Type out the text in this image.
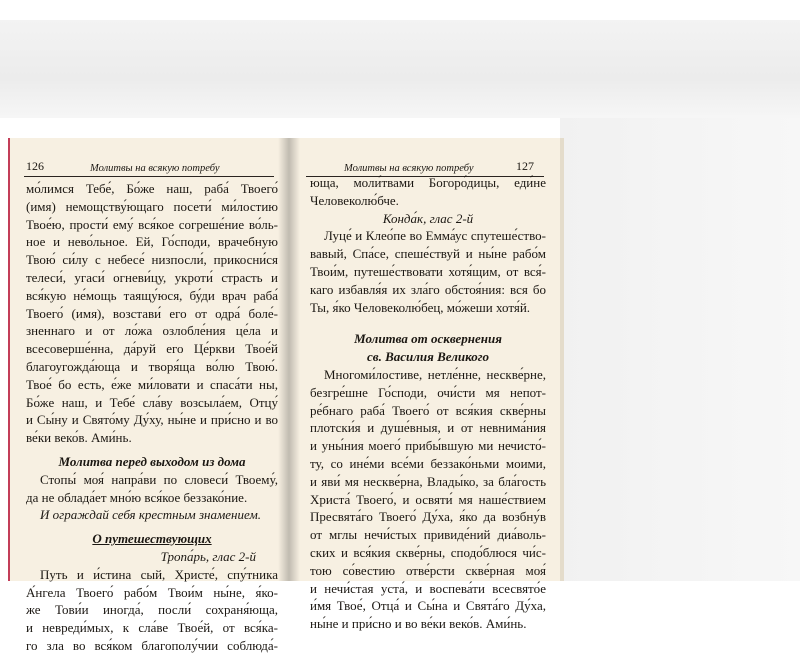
126	Молитвы на всякую потребу
мо́лимся Тебе́, Бо́же наш, раба́ Твоего́
(имя) немощству́ющаго посети́ ми́лостию
Твое́ю, прости́ ему́ вся́кое согреше́ние во́ль-
ное и нево́льное. Ей, Го́споди, врачебную
Твою́ си́лу с небесе́ низпосли́, прикосни́ся
телеси́, угаси́ огневи́цу, укроти́ страсть и
вся́кую не́мощь таящу́юся, бу́ди врач раба́
Твоего́ (имя), возстави́ его от одра́ боле́-
зненнаго и от ло́жа озлобле́ния це́ла и
всесоверше́нна, да́руй его Це́ркви Твое́й
благоугожда́юща и творя́ща во́лю Твою́.
Твое́ бо есть, е́же ми́ловати и спаса́ти ны,
Бо́же наш, и Тебе́ сла́ву возсыла́ем, Отцу́
и Сы́ну и Свято́му Ду́ху, ны́не и при́сно и во
ве́ки веко́в. Ами́нь.
Молитва перед выходом из дома
Стопы́ моя́ напра́ви по словеси́ Твоему́,
да не облада́ет мно́ю вся́кое беззако́ние.
И ограждай себя крестным знамением.
О путешествующих
Тропа́рь, глас 2-й
Путь и и́стина сый, Христе́, спу́тника
А́нгела Твоего́ рабо́м Твои́м ны́не, я́ко-
же Тови́и иногда́, посли́ сохраня́юща,
и невреди́мых, к сла́ве Твое́й, от вся́ка-
го зла во вся́ком благополу́чии соблюда́-
Молитвы на всякую потребу	127
юща, моли́твами Богоро́дицы, еди́не
Человеколю́бче.
Конда́к, глас 2-й
Луце́ и Клео́пе во Емма́ус спутеше́ство-
вавый, Спа́се, спеше́ствуй и ны́не рабо́м
Твои́м, путеше́ствовати хотя́щим, от вся́-
каго избавля́я их зла́го обстоя́ния: вся бо
Ты, я́ко Человеколю́бец, мо́жеши хотя́й.
Молитва от осквернения
св. Василия Великого
Многоми́лостиве, нетле́нне, нескве́рне,
безгре́шне Го́споди, очи́сти мя непот-
ре́бнаго раба́ Твоего́ от вся́кия скве́рны
плотски́я и душе́вныя, и от невнима́ния
и уны́ния моего́ прибы́вшую ми нечисто́-
ту, со ине́ми все́ми беззако́ньми моими,
и яви́ мя нескве́рна, Влады́ко, за бла́гость
Христа́ Твоего́, и освяти́ мя наше́ствием
Пресвята́го Твоего́ Ду́ха, я́ко да возбну́в
от мглы нечи́стых привиде́ний диа́воль-
ских и вся́кия скве́рны, сподо́блюся чи́с-
тою со́вестию отве́рсти скве́рная моя́
и нечи́стая уста́, и воспева́ти всесвято́е
и́мя Твое́, Отца́ и Сы́на и Свята́го Ду́ха,
ны́не и при́сно и во ве́ки веко́в. Ами́нь.
